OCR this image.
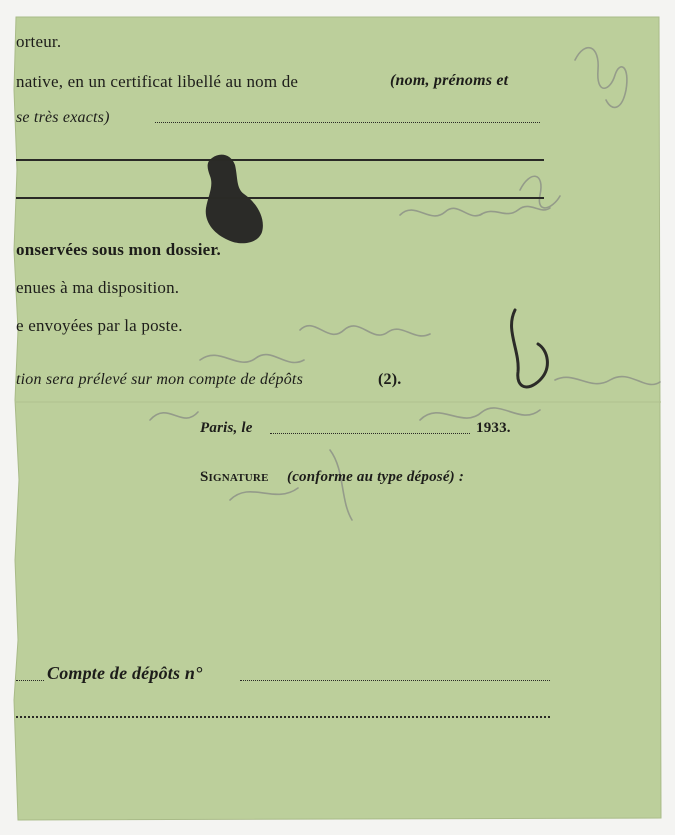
orteur.
native, en un certificat libellé au nom de	(nom, prénoms et
se très exacts)
onservées sous mon dossier.
enues à ma disposition.
e envoyées par la poste.
tion sera prélevé sur mon compte de dépôts	(2).
Paris, le	1933.
Signature (conforme au type déposé) :
Compte de dépôts n°
